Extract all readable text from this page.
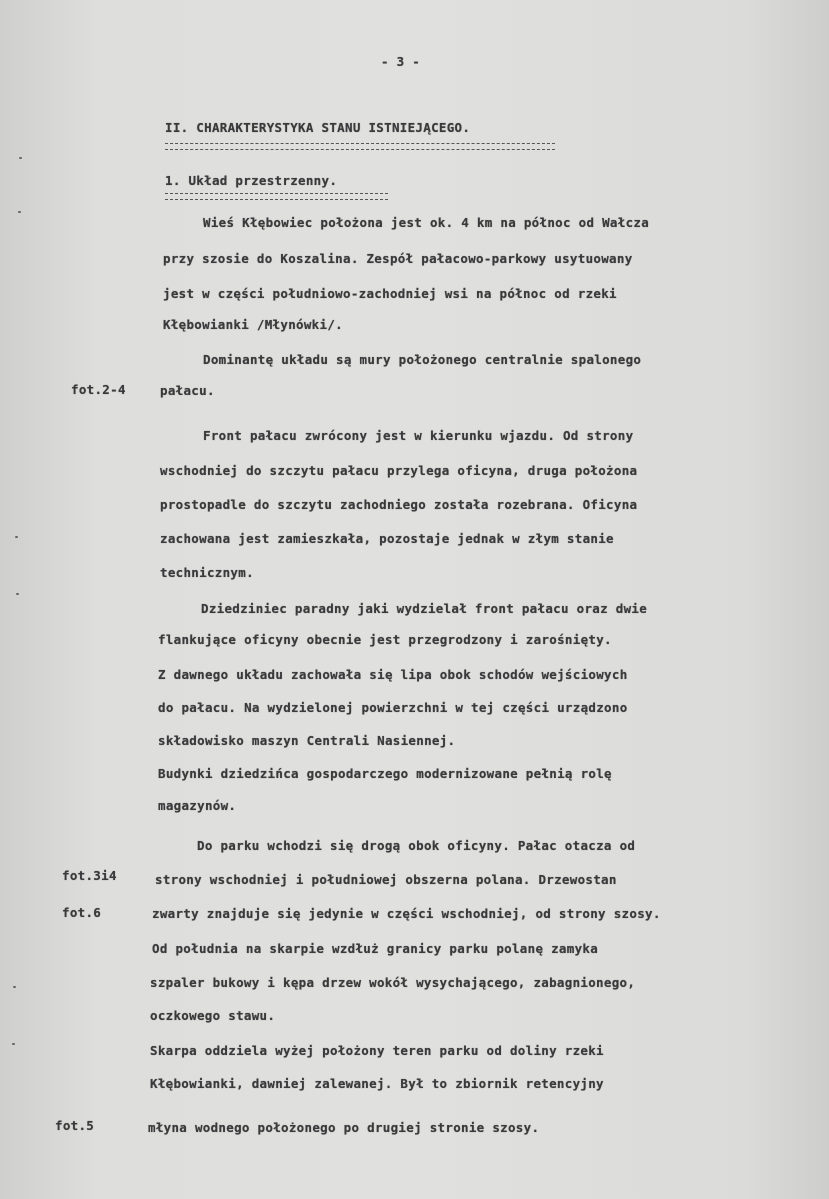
- 3 -
II. CHARAKTERYSTYKA STANU ISTNIEJĄCEGO.
1. Układ przestrzenny.
Wieś Kłębowiec położona jest ok. 4 km na północ od Wałcza
przy szosie do Koszalina. Zespół pałacowo-parkowy usytuowany
jest w części południowo-zachodniej wsi na północ od rzeki
Kłębowianki /Młynówki/.
Dominantę układu są mury położonego centralnie spalonego
fot.2-4	pałacu.
Front pałacu zwrócony jest w kierunku wjazdu. Od strony
wschodniej do szczytu pałacu przylega oficyna, druga położona
prostopadle do szczytu zachodniego została rozebrana. Oficyna
zachowana jest zamieszkała, pozostaje jednak w złym stanie
technicznym.
Dziedziniec paradny jaki wydzielał front pałacu oraz dwie
flankujące oficyny obecnie jest przegrodzony i zarośnięty.
Z dawnego układu zachowała się lipa obok schodów wejściowych
do pałacu. Na wydzielonej powierzchni w tej części urządzono
składowisko maszyn Centrali Nasiennej.
Budynki dziedzińca gospodarczego modernizowane pełnią rolę
magazynów.
Do parku wchodzi się drogą obok oficyny. Pałac otacza od
fot.3i4	strony wschodniej i południowej obszerna polana. Drzewostan
fot.6	zwarty znajduje się jedynie w części wschodniej, od strony szosy.
Od południa na skarpie wzdłuż granicy parku polanę zamyka
szpaler bukowy i kępa drzew wokół wysychającego, zabagnionego,
oczkowego stawu.
Skarpa oddziela wyżej położony teren parku od doliny rzeki
Kłębowianki, dawniej zalewanej. Był to zbiornik retencyjny
fot.5	młyna wodnego położonego po drugiej stronie szosy.
